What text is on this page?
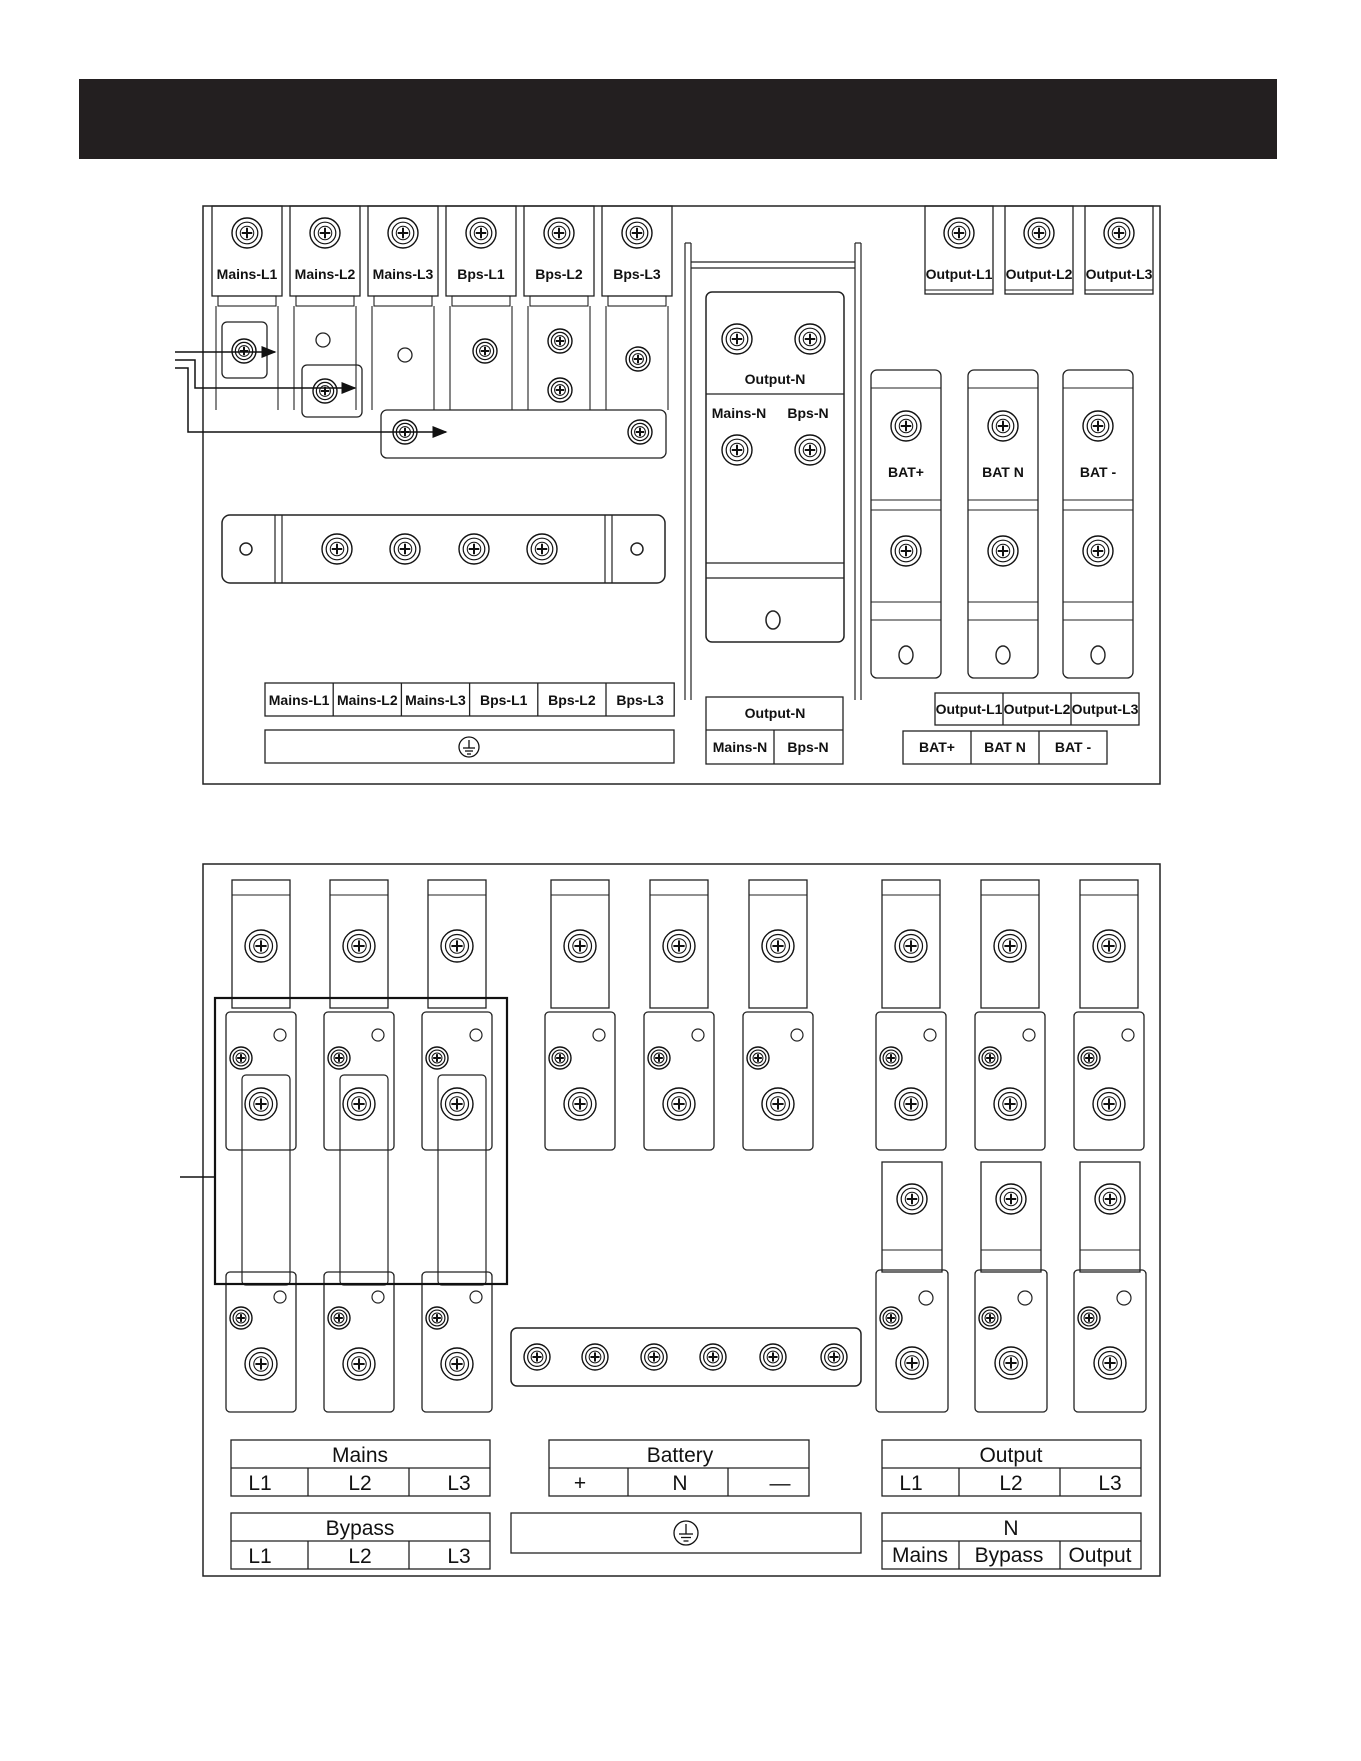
Mains-L1 Mains-L2 Mains-L3 Bps-L1 Bps-L2 Bps-L3	Output-L1 Output-L2 Output-L3
Output-N
Mains-N Bps-N
BAT+	BAT N	BAT -
Mains-L1 Mains-L2 Mains-L3 Bps-L1 Bps-L2 Bps-L3
Output-N
Mains-N Bps-N
Output-L1 Output-L2 Output-L3
BAT+ BAT N BAT -
Mains
L1	L2	L3
Battery
+	N	—
Output
L1	L2	L3
Bypass
L1	L2	L3
N
Mains Bypass Output
